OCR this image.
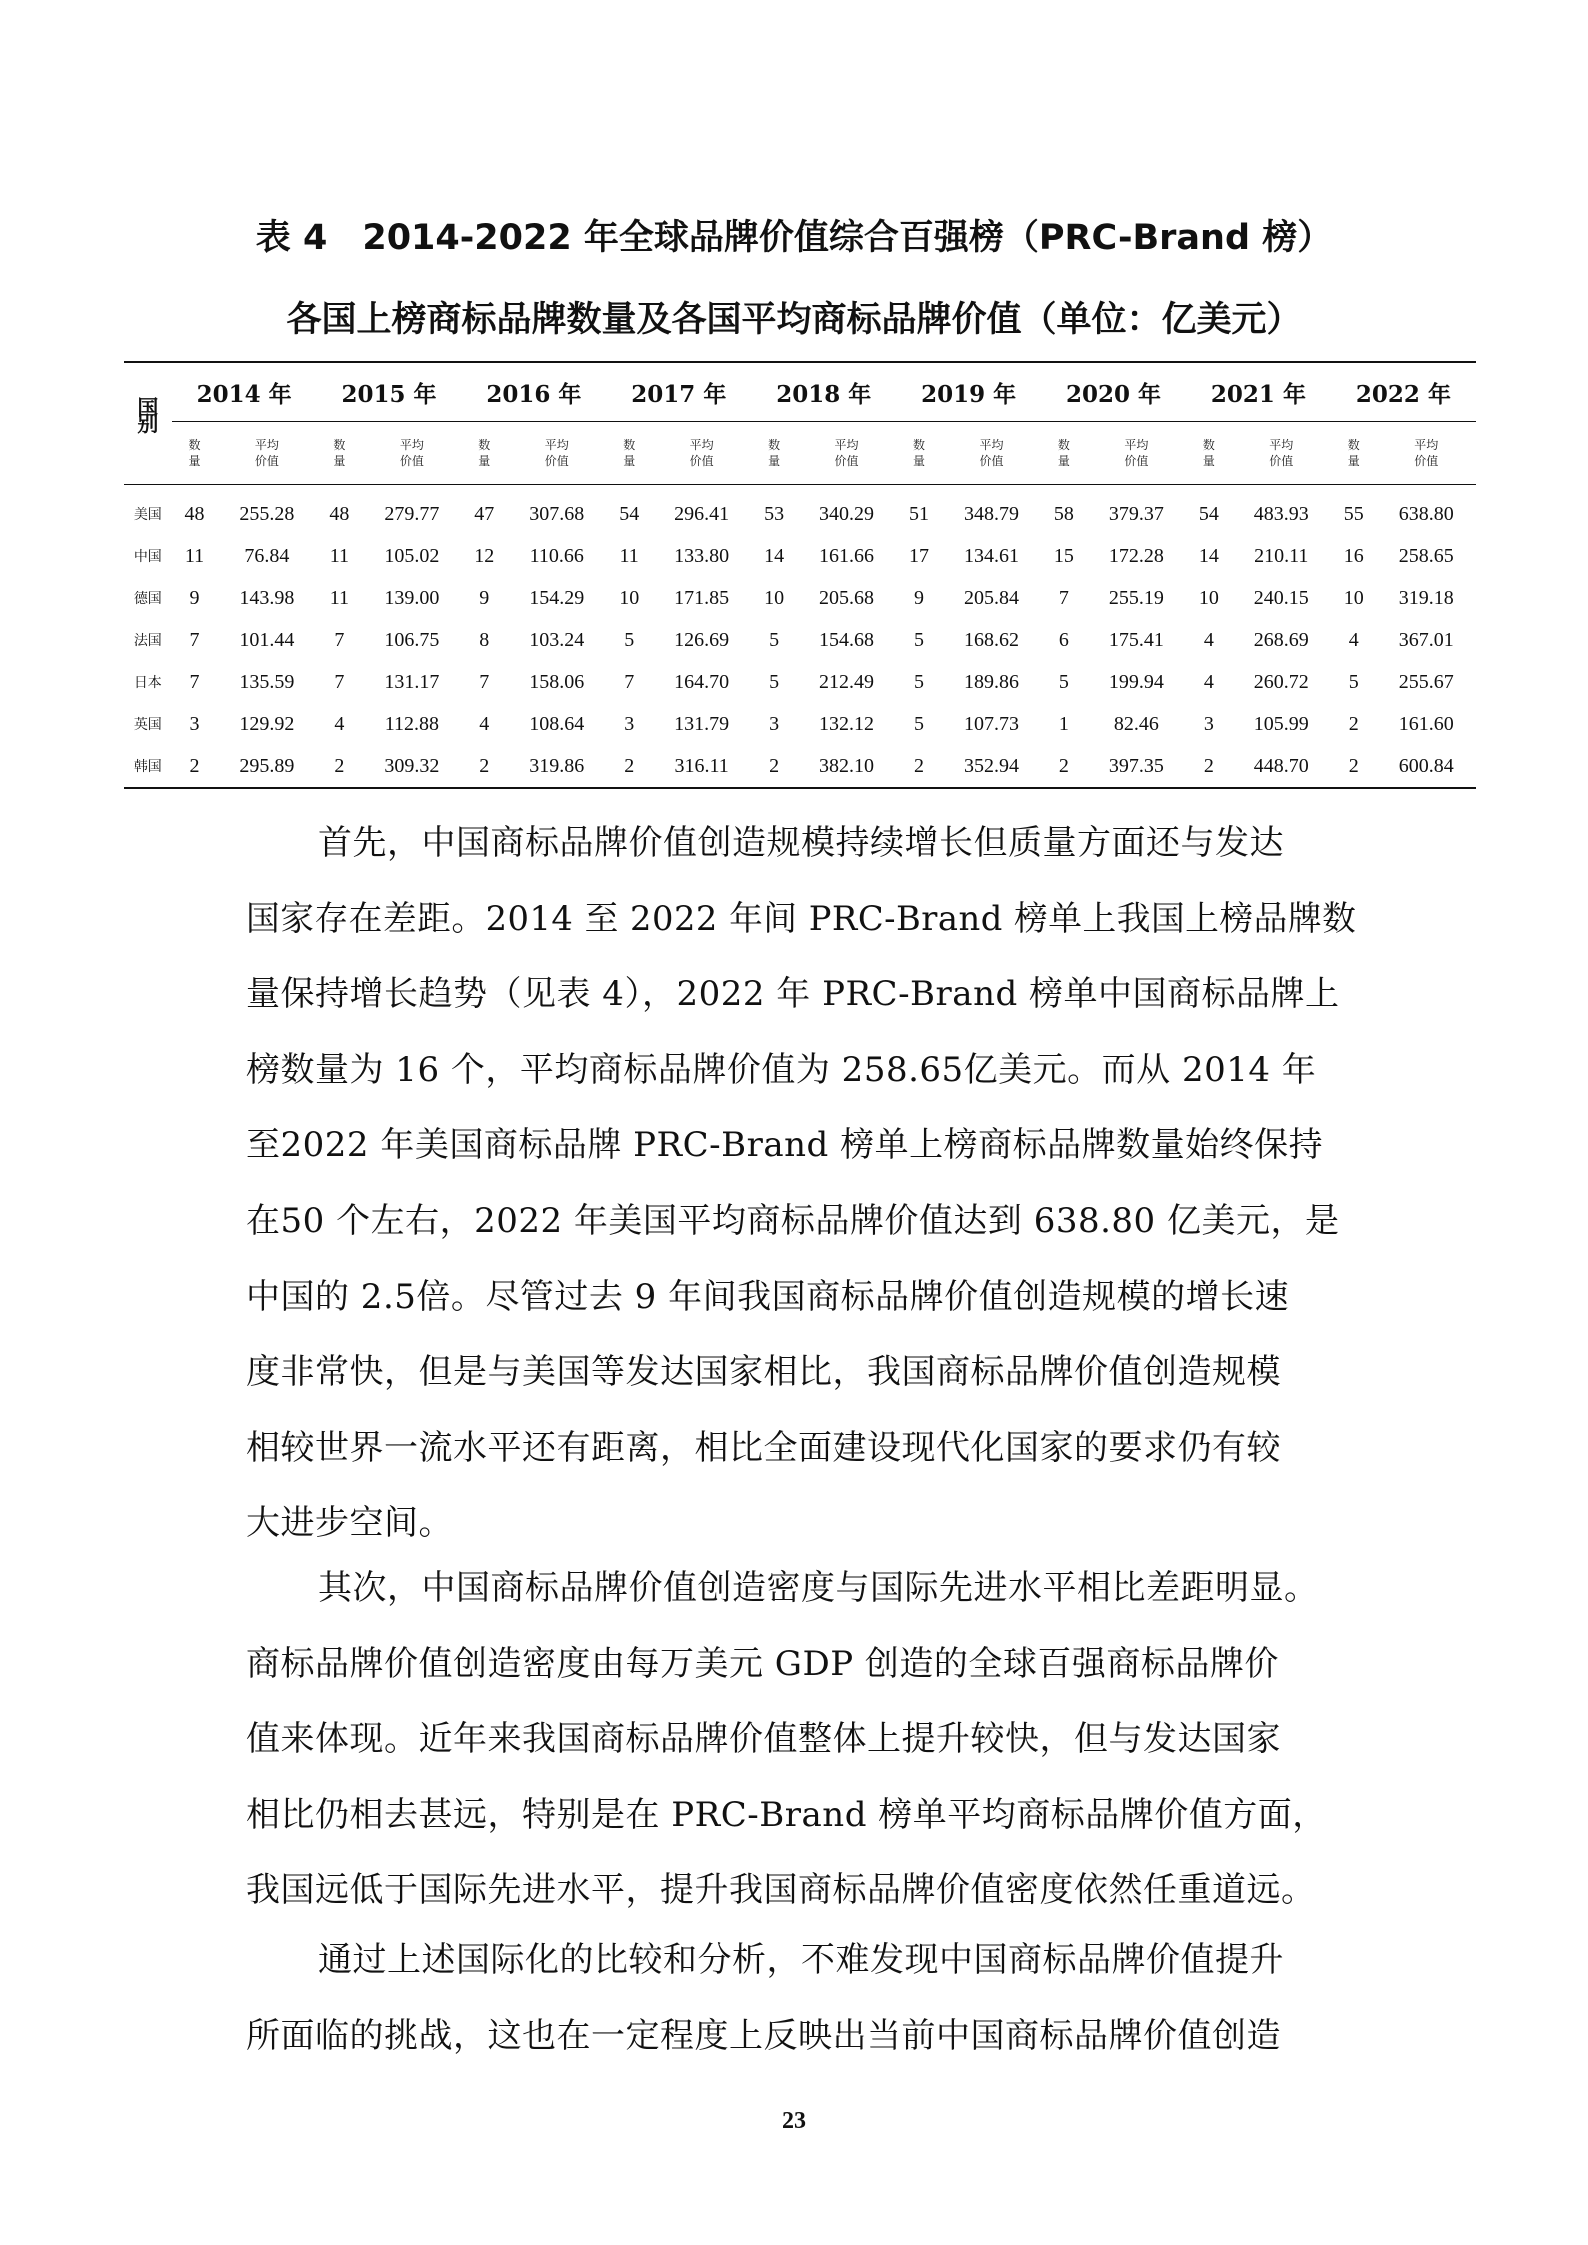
表 4　2014-2022 年全球品牌价值综合百强榜（PRC-Brand 榜）
各国上榜商标品牌数量及各国平均商标品牌价值（单位：亿美元）
国别	2014 年		2015 年		2016 年		2017 年		2018 年		2019 年		2020 年		2021 年		2022 年	
	数量	平均价值	数量	平均价值	数量	平均价值	数量	平均价值	数量	平均价值	数量	平均价值	数量	平均价值	数量	平均价值	数量	平均价值
美国	48	255.28	48	279.77	47	307.68	54	296.41	53	340.29	51	348.79	58	379.37	54	483.93	55	638.80
中国	11	76.84	11	105.02	12	110.66	11	133.80	14	161.66	17	134.61	15	172.28	14	210.11	16	258.65
德国	9	143.98	11	139.00	9	154.29	10	171.85	10	205.68	9	205.84	7	255.19	10	240.15	10	319.18
法国	7	101.44	7	106.75	8	103.24	5	126.69	5	154.68	5	168.62	6	175.41	4	268.69	4	367.01
日本	7	135.59	7	131.17	7	158.06	7	164.70	5	212.49	5	189.86	5	199.94	4	260.72	5	255.67
英国	3	129.92	4	112.88	4	108.64	3	131.79	3	132.12	5	107.73	1	82.46	3	105.99	2	161.60
韩国	2	295.89	2	309.32	2	319.86	2	316.11	2	382.10	2	352.94	2	397.35	2	448.70	2	600.84
首先，中国商标品牌价值创造规模持续增长但质量方面还与发达
国家存在差距。2014 至 2022 年间 PRC-Brand 榜单上我国上榜品牌数
量保持增长趋势（见表 4），2022 年 PRC-Brand 榜单中国商标品牌上
榜数量为 16 个，平均商标品牌价值为 258.65亿美元。而从 2014 年
至2022 年美国商标品牌 PRC-Brand 榜单上榜商标品牌数量始终保持
在50 个左右，2022 年美国平均商标品牌价值达到 638.80 亿美元，是
中国的 2.5倍。尽管过去 9 年间我国商标品牌价值创造规模的增长速
度非常快，但是与美国等发达国家相比，我国商标品牌价值创造规模
相较世界一流水平还有距离，相比全面建设现代化国家的要求仍有较
大进步空间。
其次，中国商标品牌价值创造密度与国际先进水平相比差距明显。
商标品牌价值创造密度由每万美元 GDP 创造的全球百强商标品牌价
值来体现。近年来我国商标品牌价值整体上提升较快，但与发达国家
相比仍相去甚远，特别是在 PRC-Brand 榜单平均商标品牌价值方面，
我国远低于国际先进水平，提升我国商标品牌价值密度依然任重道远。
通过上述国际化的比较和分析，不难发现中国商标品牌价值提升
所面临的挑战，这也在一定程度上反映出当前中国商标品牌价值创造
23
